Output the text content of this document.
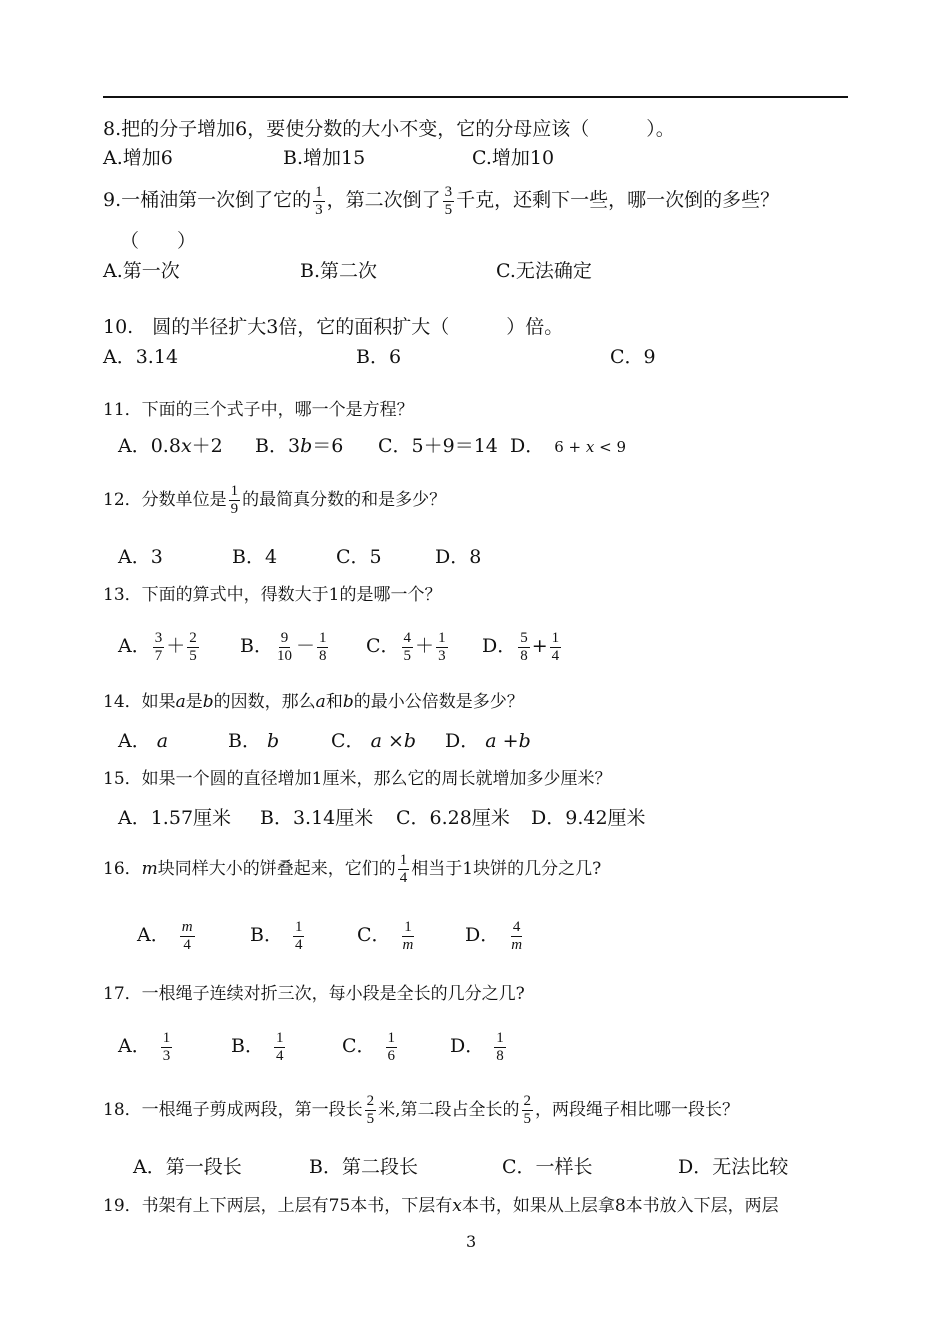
8.把的分子增加6，要使分数的大小不变，它的分母应该（　　　）。
A.增加6	B.增加15	C.增加10
9.一桶油第一次倒了它的 $\frac{1}{3}$ ，第二次倒了 $\frac{3}{5}$ 千克，还剩下一些，哪一次倒的多些？
（　　）
A.第一次	B.第二次	C.无法确定
10.　圆的半径扩大3倍，它的面积扩大（　　　）倍。
A．3.14	B．6	C．9
11．下面的三个式子中，哪一个是方程？
A．0.8x＋2 B．3b＝6 C．5＋9＝14 D． 6 + x < 9
12．分数单位是 $\frac{1}{9}$ 的最简真分数的和是多少？
A．3	B．4	C．5	D．8
13．下面的算式中，得数大于1的是哪一个？
A． $\frac{3}{7} + \frac{2}{5}$ B． $\frac{9}{10} - \frac{1}{8}$ C． $\frac{4}{5} + \frac{1}{3}$ D． $\frac{5}{8} + \frac{1}{4}$
14．如果a是b的因数，那么a和b的最小公倍数是多少？
A． a	B． b	C． a ×b D． a +b
15．如果一个圆的直径增加1厘米，那么它的周长就增加多少厘米？
A．1.57厘米 B．3.14厘米 C．6.28厘米 D．9.42厘米
16．m块同样大小的饼叠起来，它们的 $\frac{1}{4}$ 相当于1块饼的几分之几?
A． $\frac{m}{4}$	B． $\frac{1}{4}$	C． $\frac{1}{m}$	D． $\frac{4}{m}$
17．一根绳子连续对折三次，每小段是全长的几分之几?
A． $\frac{1}{3}$	B． $\frac{1}{4}$	C． $\frac{1}{6}$	D． $\frac{1}{8}$
18．一根绳子剪成两段，第一段长 $\frac{2}{5}$ 米,第二段占全长的 $\frac{2}{5}$ ，两段绳子相比哪一段长？
A．第一段长	B．第二段长	C．一样长	D．无法比较
19．书架有上下两层，上层有75本书，下层有x本书，如果从上层拿8本书放入下层，两层
3
